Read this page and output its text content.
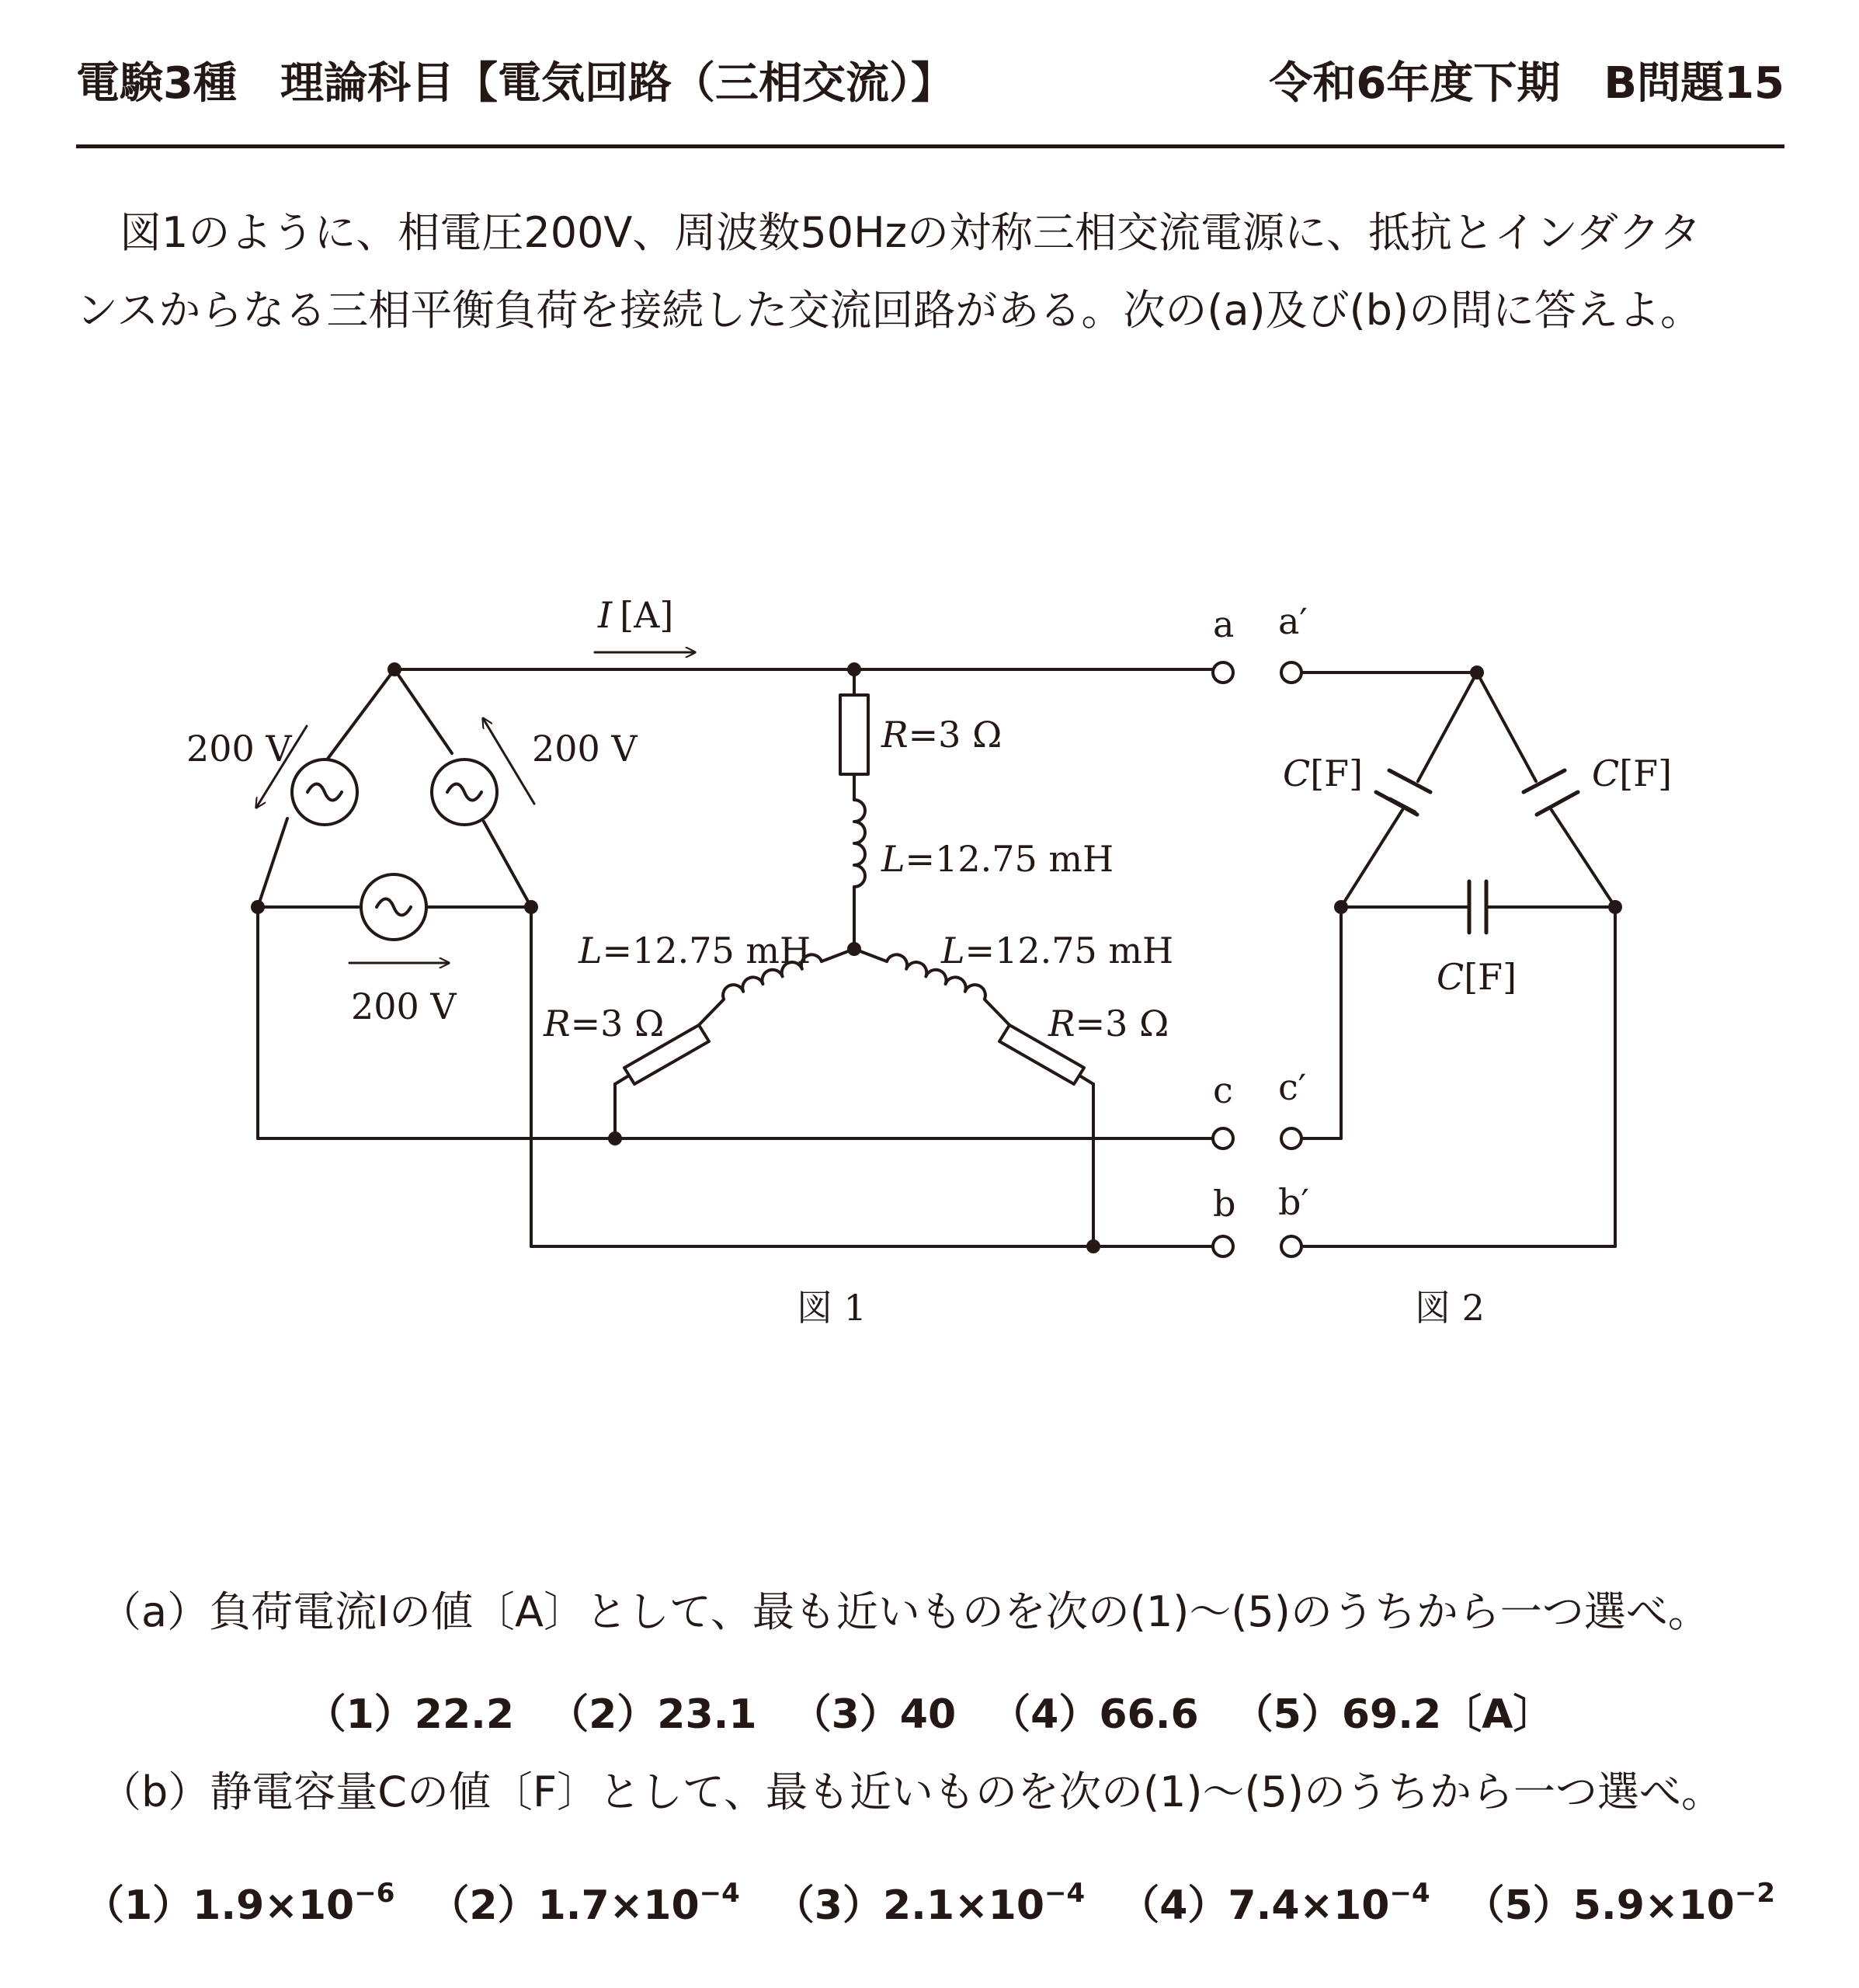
電験3種　理論科目【電気回路（三相交流）】	令和6年度下期　B問題15
図1のように、相電圧200V、周波数50Hzの対称三相交流電源に、抵抗とインダクタ
ンスからなる三相平衡負荷を接続した交流回路がある。次の(a)及び(b)の問に答えよ。
I [A]
200 V	200 V
200 V
R=3 Ω
L=12.75 mH
L=12.75 mH	L=12.75 mH
R=3 Ω	R=3 Ω
a a′
c c′
b b′
C[F]	C[F]
C[F]
図 1	図 2
（a）負荷電流Iの値〔A〕として、最も近いものを次の(1)～(5)のうちから一つ選べ。
（1）22.2 （2）23.1 （3）40 （4）66.6 （5）69.2〔A〕
（b）静電容量Cの値〔F〕として、最も近いものを次の(1)～(5)のうちから一つ選べ。
$(1)1.9\times 10^{-6}$ $(2)1.7\times 10^{-4}$ $(3)2.1\times 10^{-4}$ $(4)7.4\times 10^{-4}$ $(5)5.9\times 10^{-2}$
